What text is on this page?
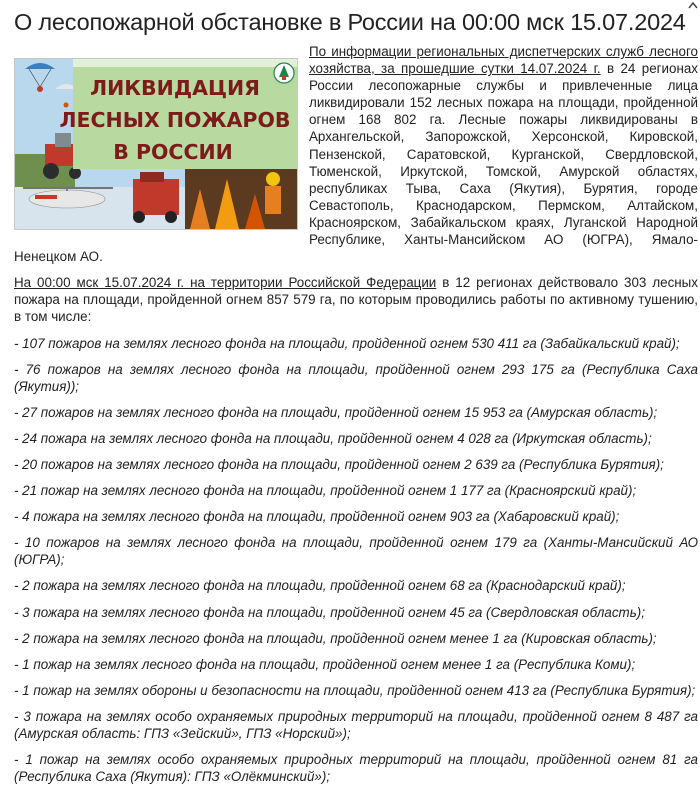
О лесопожарной обстановке в России на 00:00 мск 15.07.2024
ЛИКВИДАЦИЯ
ЛЕСНЫХ ПОЖАРОВ
В РОССИИ

По информации региональных диспетчерских служб лесного хозяйства, за прошедшие сутки 14.07.2024 г. в 24 регионах России лесопожарные службы и привлеченные лица ликвидировали 152 лесных пожара на площади, пройденной огнем 168 802 га. Лесные пожары ликвидированы в Архангельской, Запорожской, Херсонской, Кировской, Пензенской, Саратовской, Курганской, Свердловской, Тюменской, Иркутской, Томской, Амурской областях, республиках Тыва, Саха (Якутия), Бурятия, городе Севастополь, Краснодарском, Пермском, Алтайском, Красноярском, Забайкальском краях, Луганской Народной Республике, Ханты-Мансийском АО (ЮГРА), Ямало-Ненецком АО.

На 00:00 мск 15.07.2024 г. на территории Российской Федерации в 12 регионах действовало 303 лесных пожара на площади, пройденной огнем 857 579 га, по которым проводились работы по активному тушению, в том числе:

- 107 пожаров на землях лесного фонда на площади, пройденной огнем 530 411 га (Забайкальский край);
- 76 пожаров на землях лесного фонда на площади, пройденной огнем 293 175 га (Республика Саха (Якутия));
- 27 пожаров на землях лесного фонда на площади, пройденной огнем 15 953 га (Амурская область);
- 24 пожара на землях лесного фонда на площади, пройденной огнем 4 028 га (Иркутская область);
- 20 пожаров на землях лесного фонда на площади, пройденной огнем 2 639 га (Республика Бурятия);
- 21 пожар на землях лесного фонда на площади, пройденной огнем 1 177 га (Красноярский край);
- 4 пожара на землях лесного фонда на площади, пройденной огнем 903 га (Хабаровский край);
- 10 пожаров на землях лесного фонда на площади, пройденной огнем 179 га (Ханты-Мансийский АО (ЮГРА);
- 2 пожара на землях лесного фонда на площади, пройденной огнем 68 га (Краснодарский край);
- 3 пожара на землях лесного фонда на площади, пройденной огнем 45 га (Свердловская область);
- 2 пожара на землях лесного фонда на площади, пройденной огнем менее 1 га (Кировская область);
- 1 пожар на землях лесного фонда на площади, пройденной огнем менее 1 га (Республика Коми);
- 1 пожар на землях обороны и безопасности на площади, пройденной огнем 413 га (Республика Бурятия);
- 3 пожара на землях особо охраняемых природных территорий на площади, пройденной огнем 8 487 га (Амурская область: ГПЗ «Зейский», ГПЗ «Норский»);
- 1 пожар на землях особо охраняемых природных территорий на площади, пройденной огнем 81 га (Республика Саха (Якутия): ГПЗ «Олёкминский»);
